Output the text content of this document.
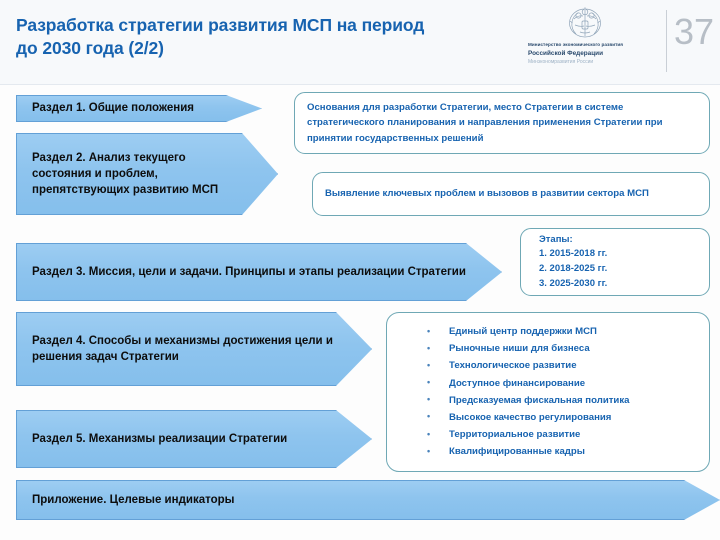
Разработка стратегии развития МСП на период
до 2030 года (2/2)	Министерство экономического развития
Российской Федерации
Минэкономразвития России
37
Раздел 1. Общие положения	Основания для разработки Стратегии, место Стратегии в системе стратегического планирования и направления применения Стратегии при принятии государственных решений
Раздел 2. Анализ текущего состояния и проблем, препятствующих развитию МСП	Выявление ключевых проблем и вызовов в развитии сектора МСП
Раздел 3. Миссия, цели и задачи. Принципы и этапы реализации Стратегии
Этапы:
1. 2015-2018 гг.
2. 2018-2025 гг.
3. 2025-2030 гг.
Раздел 4. Способы и механизмы достижения цели и решения задач Стратегии
• Единый центр поддержки МСП
• Рыночные ниши для бизнеса
• Технологическое развитие
• Доступное финансирование
• Предсказуемая фискальная политика
• Высокое качество регулирования
• Территориальное развитие
• Квалифицированные кадры
Раздел 5. Механизмы реализации Стратегии
Приложение. Целевые индикаторы
